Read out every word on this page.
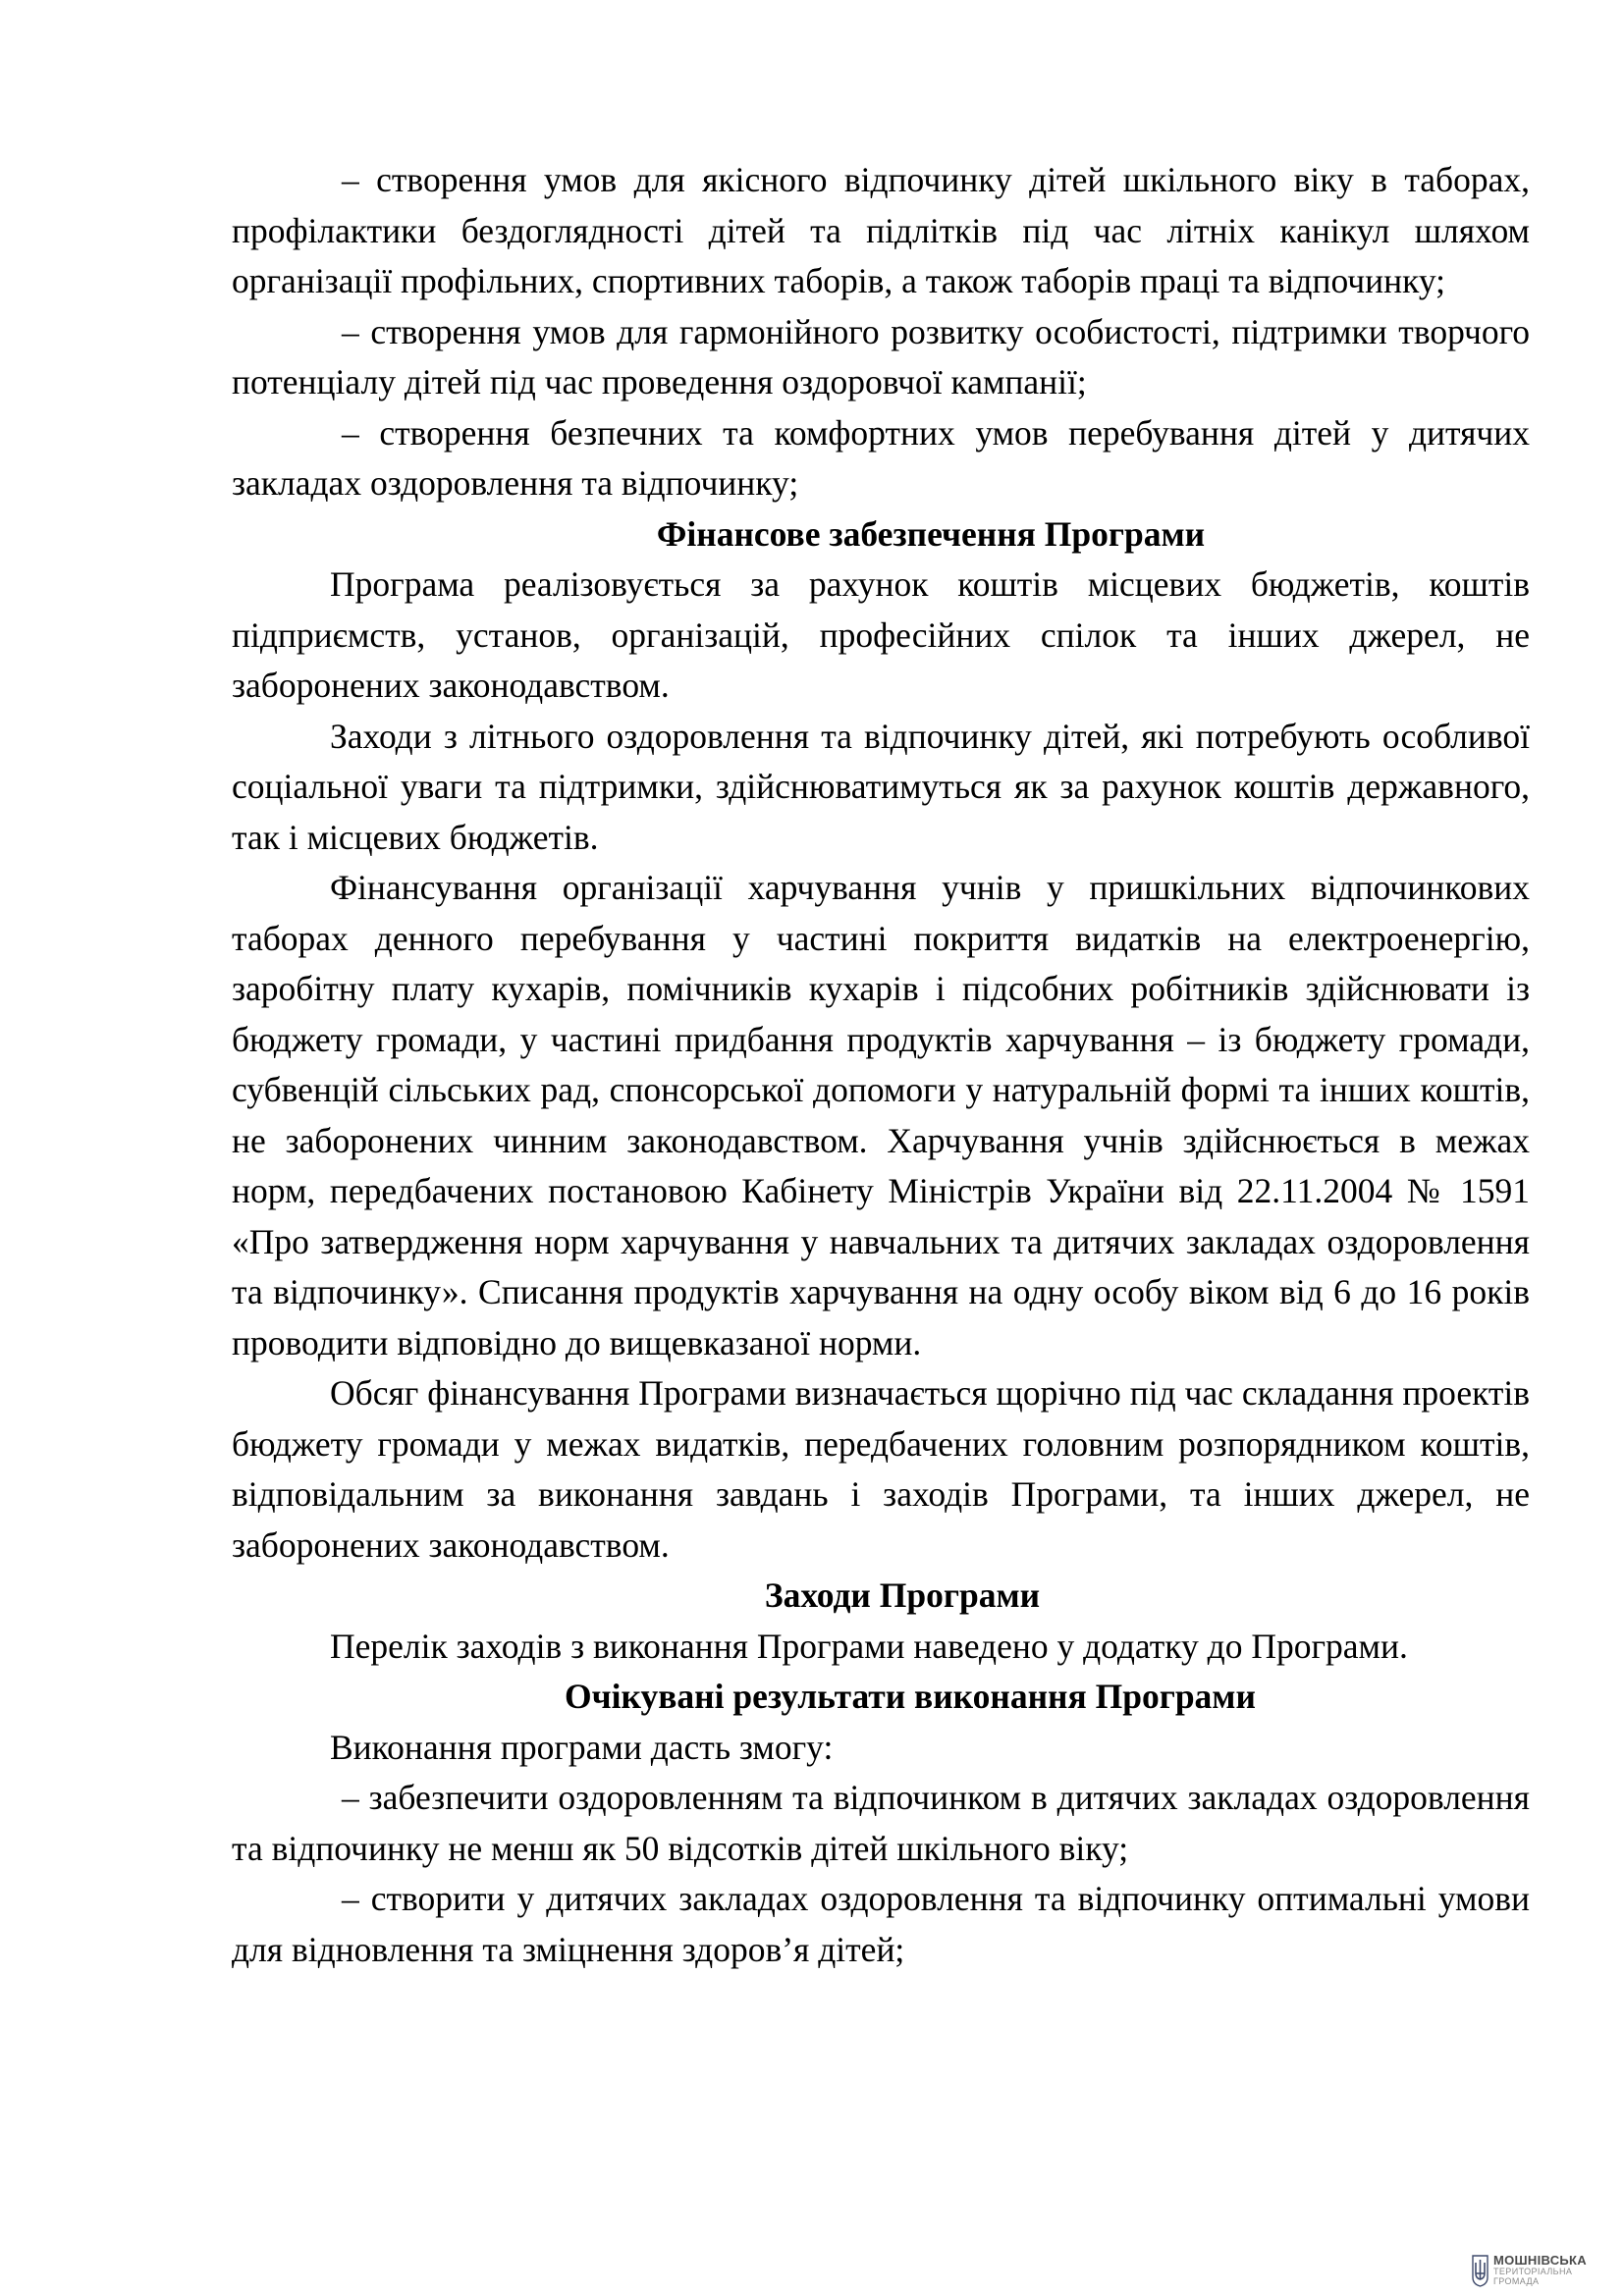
– створення умов для якісного відпочинку дітей шкільного віку в таборах, профілактики бездоглядності дітей та підлітків під час літніх канікул шляхом організації профільних, спортивних таборів, а також таборів праці та відпочинку;

– створення умов для гармонійного розвитку особистості, підтримки творчого потенціалу дітей під час проведення оздоровчої кампанії;

– створення безпечних та комфортних умов перебування дітей у дитячих закладах оздоровлення та відпочинку;

Фінансове забезпечення Програми

Програма реалізовується за рахунок коштів місцевих бюджетів, коштів підприємств, установ, організацій, професійних спілок та інших джерел, не заборонених законодавством.

Заходи з літнього оздоровлення та відпочинку дітей, які потребують особливої соціальної уваги та підтримки, здійснюватимуться як за рахунок коштів державного, так і місцевих бюджетів.

Фінансування організації харчування учнів у пришкільних відпочинкових таборах денного перебування у частині покриття видатків на електроенергію, заробітну плату кухарів, помічників кухарів і підсобних робітників здійснювати із бюджету громади, у частині придбання продуктів харчування – із бюджету громади, субвенцій сільських рад, спонсорської допомоги у натуральній формі та інших коштів, не заборонених чинним законодавством. Харчування учнів здійснюється в межах норм, передбачених постановою Кабінету Міністрів України від 22.11.2004 № 1591 «Про затвердження норм харчування у навчальних та дитячих закладах оздоровлення та відпочинку». Списання продуктів харчування на одну особу віком від 6 до 16 років проводити відповідно до вищевказаної норми.

Обсяг фінансування Програми визначається щорічно під час складання проектів бюджету громади у межах видатків, передбачених головним розпорядником коштів, відповідальним за виконання завдань і заходів Програми, та інших джерел, не заборонених законодавством.

Заходи Програми

Перелік заходів з виконання Програми наведено у додатку до Програми.

Очікувані результати виконання Програми

Виконання програми дасть змогу:

– забезпечити оздоровленням та відпочинком в дитячих закладах оздоровлення та відпочинку не менш як 50 відсотків дітей шкільного віку;

– створити у дитячих закладах оздоровлення та відпочинку оптимальні умови для відновлення та зміцнення здоров’я дітей;

МОШНІВСЬКА
ТЕРИТОРІАЛЬНА
ГРОМАДА
